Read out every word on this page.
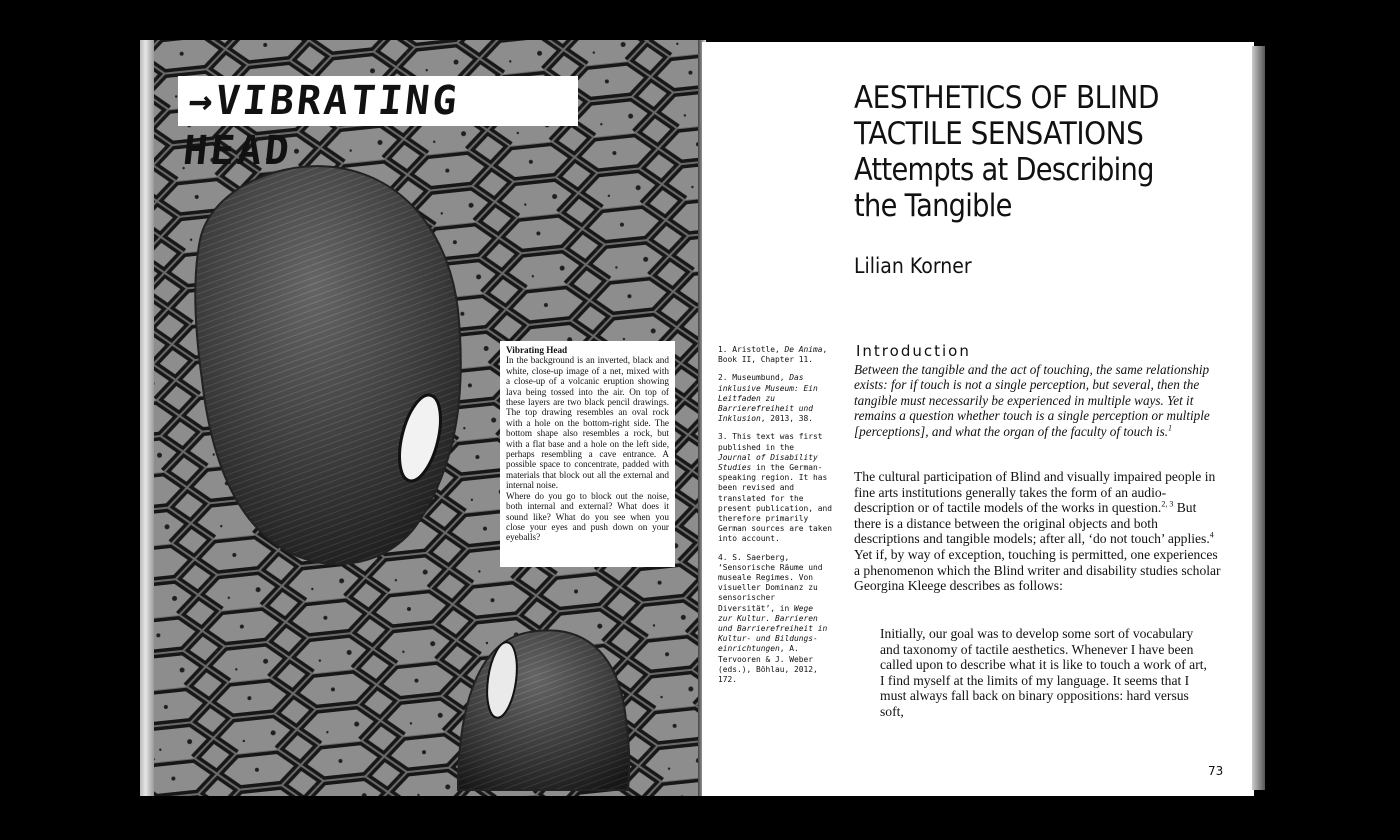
→VIBRATING HEAD
Vibrating Head

In the background is an inverted, black and white, close-up image of a net, mixed with a close-up of a volcanic eruption showing lava being tossed into the air. On top of these layers are two black pencil drawings. The top drawing resembles an oval rock with a hole on the bottom-right side. The bottom shape also resembles a rock, but with a flat base and a hole on the left side, perhaps resembling a cave entrance. A possible space to concentrate, padded with materials that block out all the external and internal noise.

Where do you go to block out the noise, both internal and external? What does it sound like? What do you see when you close your eyes and push down on your eyeballs?

AESTHETICS OF BLIND
TACTILE SENSATIONS
Attempts at Describing
the Tangible
Lilian Korner

1. Aristotle, De Anima, Book II, Chapter 11.

2. Museumbund, Das inklusive Museum: Ein Leitfaden zu Barrierefreiheit und Inklusion, 2013, 38.

3. This text was first published in the Journal of Disability Studies in the German-speaking region. It has been revised and translated for the present publication, and therefore primarily German sources are taken into account.

4. S. Saerberg, ‘Sensorische Räume und museale Regimes. Von visueller Dominanz zu sensorischer Diversität’, in Wege zur Kultur. Barrieren und Barrierefreiheit in Kultur- und Bildungs-einrichtungen, A. Tervooren & J. Weber (eds.), Böhlau, 2012, 172.

Introduction
Between the tangible and the act of touching, the same relationship exists: for if touch is not a single perception, but several, then the tangible must necessarily be experienced in multiple ways. Yet it remains a question whether touch is a single perception or multiple [perceptions], and what the organ of the faculty of touch is.$^1$
The cultural participation of Blind and visually impaired people in fine arts institutions generally takes the form of an audio-description or of tactile models of the works in question.$^{2, 3}$ But there is a distance between the original objects and both descriptions and tangible models; after all, ‘do not touch’ applies.$^4$ Yet if, by way of exception, touching is permitted, one experiences a phenomenon which the Blind writer and disability studies scholar Georgina Kleege describes as follows:
Initially, our goal was to develop some sort of vocabulary and taxonomy of tactile aesthetics. Whenever I have been called upon to describe what it is like to touch a work of art, I find myself at the limits of my language. It seems that I must always fall back on binary oppositions: hard versus soft,
73
